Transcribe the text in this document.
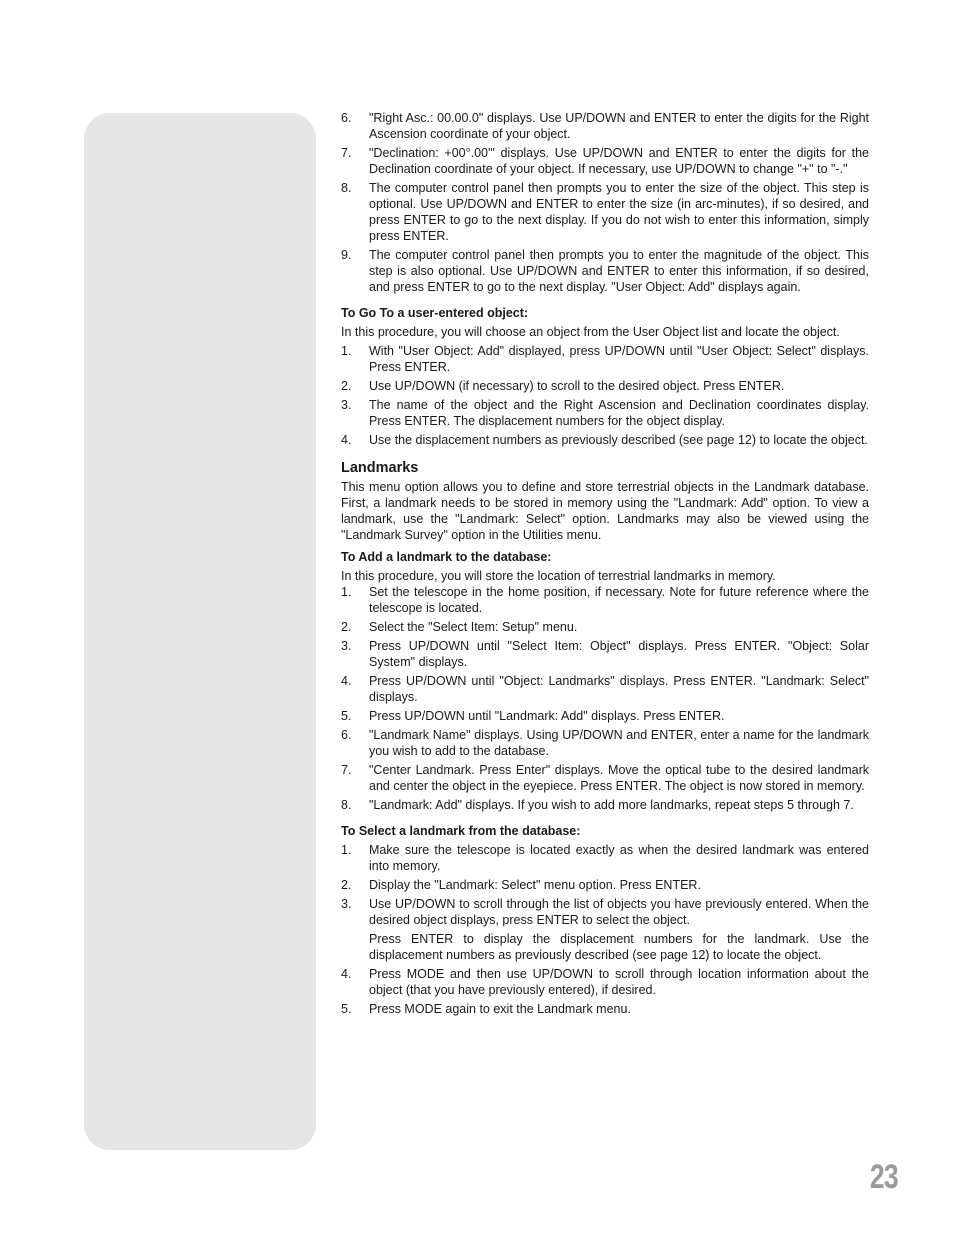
6. "Right Asc.: 00.00.0" displays. Use UP/DOWN and ENTER to enter the digits for the Right Ascension coordinate of your object.

7. "Declination: +00°.00'" displays. Use UP/DOWN and ENTER to enter the digits for the Declination coordinate of your object. If necessary, use UP/DOWN to change "+" to "-."

8. The computer control panel then prompts you to enter the size of the object. This step is optional. Use UP/DOWN and ENTER to enter the size (in arc-minutes), if so desired, and press ENTER to go to the next display. If you do not wish to enter this information, simply press ENTER.

9. The computer control panel then prompts you to enter the magnitude of the object. This step is also optional. Use UP/DOWN and ENTER to enter this information, if so desired, and press ENTER to go to the next display. "User Object: Add" displays again.

To Go To a user-entered object:

In this procedure, you will choose an object from the User Object list and locate the object.

1. With "User Object: Add" displayed, press UP/DOWN until "User Object: Select" displays. Press ENTER.

2. Use UP/DOWN (if necessary) to scroll to the desired object. Press ENTER.

3. The name of the object and the Right Ascension and Declination coordinates display. Press ENTER. The displacement numbers for the object display.

4. Use the displacement numbers as previously described (see page 12) to locate the object.

Landmarks

This menu option allows you to define and store terrestrial objects in the Landmark database. First, a landmark needs to be stored in memory using the "Landmark: Add" option. To view a landmark, use the "Landmark: Select" option. Landmarks may also be viewed using the "Landmark Survey" option in the Utilities menu.

To Add a landmark to the database:

In this procedure, you will store the location of terrestrial landmarks in memory.

1. Set the telescope in the home position, if necessary. Note for future reference where the telescope is located.

2. Select the "Select Item: Setup" menu.

3. Press UP/DOWN until "Select Item: Object" displays. Press ENTER. "Object: Solar System" displays.

4. Press UP/DOWN until "Object: Landmarks" displays. Press ENTER. "Landmark: Select" displays.

5. Press UP/DOWN until "Landmark: Add" displays. Press ENTER.

6. "Landmark Name" displays. Using UP/DOWN and ENTER, enter a name for the landmark you wish to add to the database.

7. "Center Landmark. Press Enter" displays. Move the optical tube to the desired landmark and center the object in the eyepiece. Press ENTER. The object is now stored in memory.

8. "Landmark: Add" displays. If you wish to add more landmarks, repeat steps 5 through 7.

To Select a landmark from the database:
1. Make sure the telescope is located exactly as when the desired landmark was entered into memory.

2. Display the "Landmark: Select" menu option. Press ENTER.

3. Use UP/DOWN to scroll through the list of objects you have previously entered. When the desired object displays, press ENTER to select the object.

Press ENTER to display the displacement numbers for the landmark. Use the displacement numbers as previously described (see page 12) to locate the object.

4. Press MODE and then use UP/DOWN to scroll through location information about the object (that you have previously entered), if desired.

5. Press MODE again to exit the Landmark menu.

23
